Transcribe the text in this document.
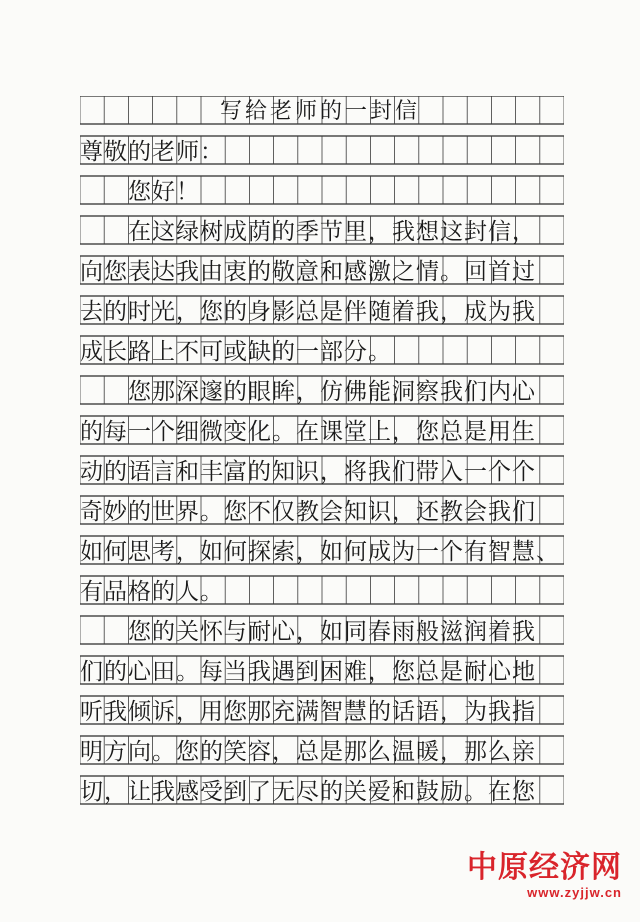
写给老师的一封信
尊敬的老师：
您好！
在这绿树成荫的季节里，我想这封信，
向您表达我由衷的敬意和感激之情。回首过
去的时光，您的身影总是伴随着我，成为我
成长路上不可或缺的一部分。
您那深邃的眼眸，仿佛能洞察我们内心
的每一个细微变化。在课堂上，您总是用生
动的语言和丰富的知识，将我们带入一个个
奇妙的世界。您不仅教会知识，还教会我们
如何思考，如何探索，如何成为一个有智慧、
有品格的人。
您的关怀与耐心，如同春雨般滋润着我
们的心田。每当我遇到困难，您总是耐心地
听我倾诉，用您那充满智慧的话语，为我指
明方向。您的笑容，总是那么温暖，那么亲
切，让我感受到了无尽的关爱和鼓励。在您
中原经济网
www.zyjjw.cn
